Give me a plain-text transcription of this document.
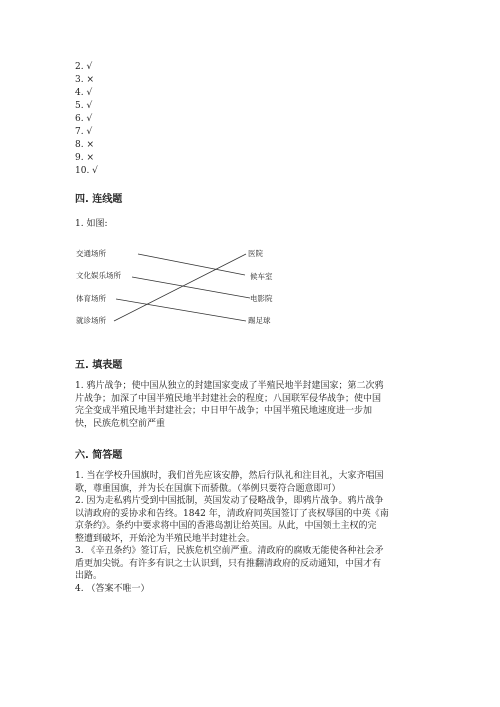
2. √
3. ×
4. √
5. √
6. √
7. √
8. ×
9. ×
10. √
四. 连线题
1. 如图:
交通场所
文化娱乐场所
体育场所
就诊场所
医院
候车室
电影院
踢足球
五. 填表题
1. 鸦片战争；使中国从独立的封建国家变成了半殖民地半封建国家；第二次鸦
片战争；加深了中国半殖民地半封建社会的程度；八国联军侵华战争；使中国
完全变成半殖民地半封建社会；中日甲午战争；中国半殖民地速度进一步加
快，民族危机空前严重
六. 简答题
1. 当在学校升国旗时，我们首先应该安静，然后行队礼和注目礼，大家齐唱国
歌，尊重国旗，并为长在国旗下而骄傲。（举例只要符合题意即可）
2. 因为走私鸦片受到中国抵制，英国发动了侵略战争，即鸦片战争。鸦片战争
以清政府的妥协求和告终。1842 年，清政府同英国签订了丧权辱国的中英《南
京条约》。条约中要求将中国的香港岛割让给英国。从此，中国领土主权的完
整遭到破坏，开始沦为半殖民地半封建社会。
3. 《辛丑条约》签订后，民族危机空前严重。清政府的腐败无能使各种社会矛
盾更加尖锐。有许多有识之士认识到，只有推翻清政府的反动通知，中国才有
出路。
4. （答案不唯一）
